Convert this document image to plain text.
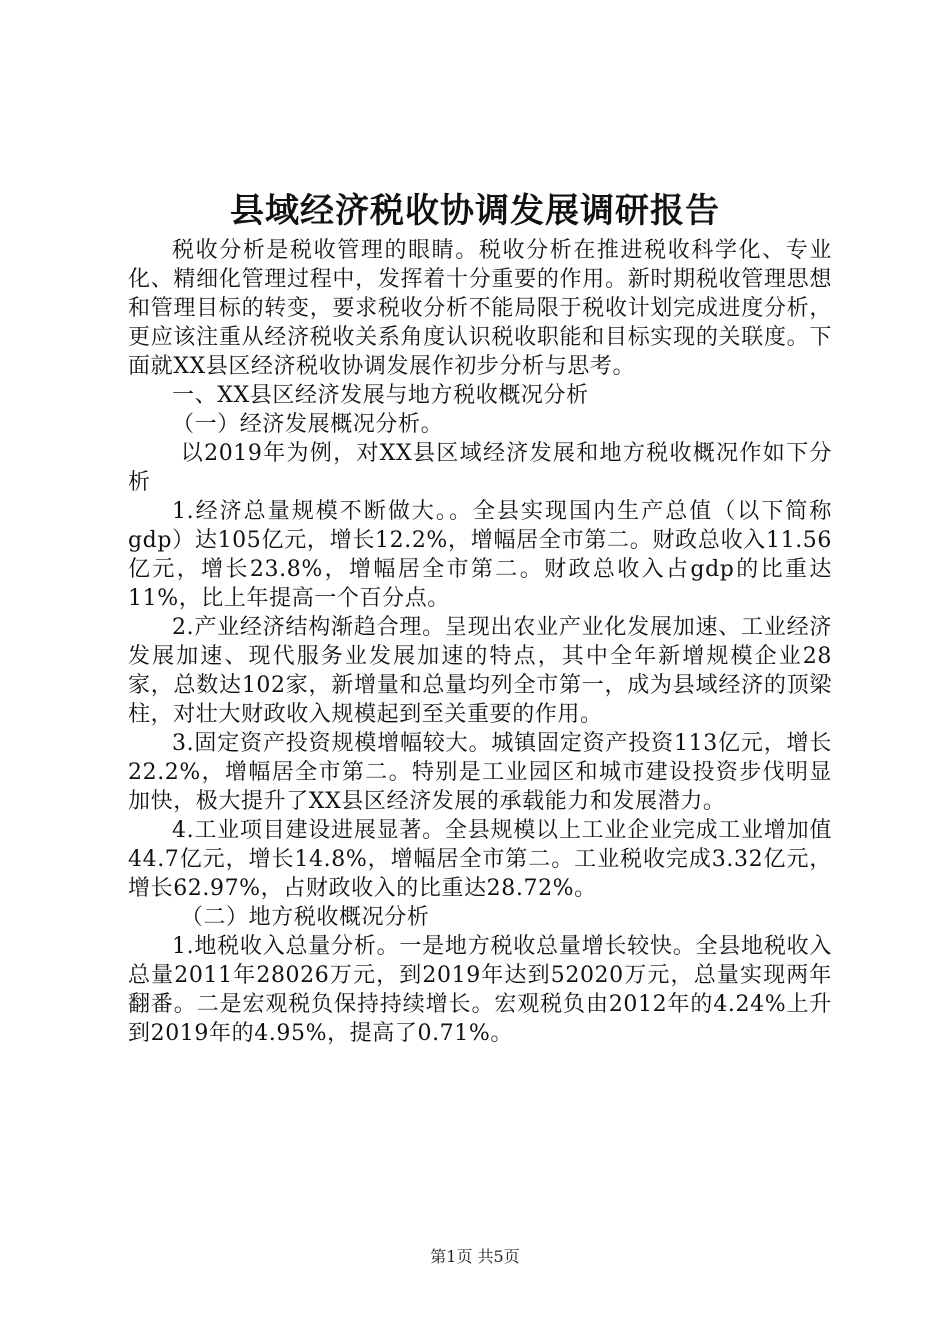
县域经济税收协调发展调研报告

税收分析是税收管理的眼睛。税收分析在推进税收科学化、专业化、精细化管理过程中，发挥着十分重要的作用。新时期税收管理思想和管理目标的转变，要求税收分析不能局限于税收计划完成进度分析，更应该注重从经济税收关系角度认识税收职能和目标实现的关联度。下面就XX县区经济税收协调发展作初步分析与思考。

一、XX县区经济发展与地方税收概况分析

（一）经济发展概况分析。

以2019年为例，对XX县区域经济发展和地方税收概况作如下分析

1.经济总量规模不断做大。。全县实现国内生产总值（以下简称gdp）达105亿元，增长12.2%，增幅居全市第二。财政总收入11.56亿元，增长23.8%，增幅居全市第二。财政总收入占gdp的比重达11%，比上年提高一个百分点。

2.产业经济结构渐趋合理。呈现出农业产业化发展加速、工业经济发展加速、现代服务业发展加速的特点，其中全年新增规模企业28家，总数达102家，新增量和总量均列全市第一，成为县域经济的顶梁柱，对壮大财政收入规模起到至关重要的作用。

3.固定资产投资规模增幅较大。城镇固定资产投资113亿元，增长22.2%，增幅居全市第二。特别是工业园区和城市建设投资步伐明显加快，极大提升了XX县区经济发展的承载能力和发展潜力。

4.工业项目建设进展显著。全县规模以上工业企业完成工业增加值44.7亿元，增长14.8%，增幅居全市第二。工业税收完成3.32亿元，增长62.97%，占财政收入的比重达28.72%。

（二）地方税收概况分析

1.地税收入总量分析。一是地方税收总量增长较快。全县地税收入总量2011年28026万元，到2019年达到52020万元，总量实现两年翻番。二是宏观税负保持持续增长。宏观税负由2012年的4.24%上升到2019年的4.95%，提高了0.71%。

第1页 共5页
